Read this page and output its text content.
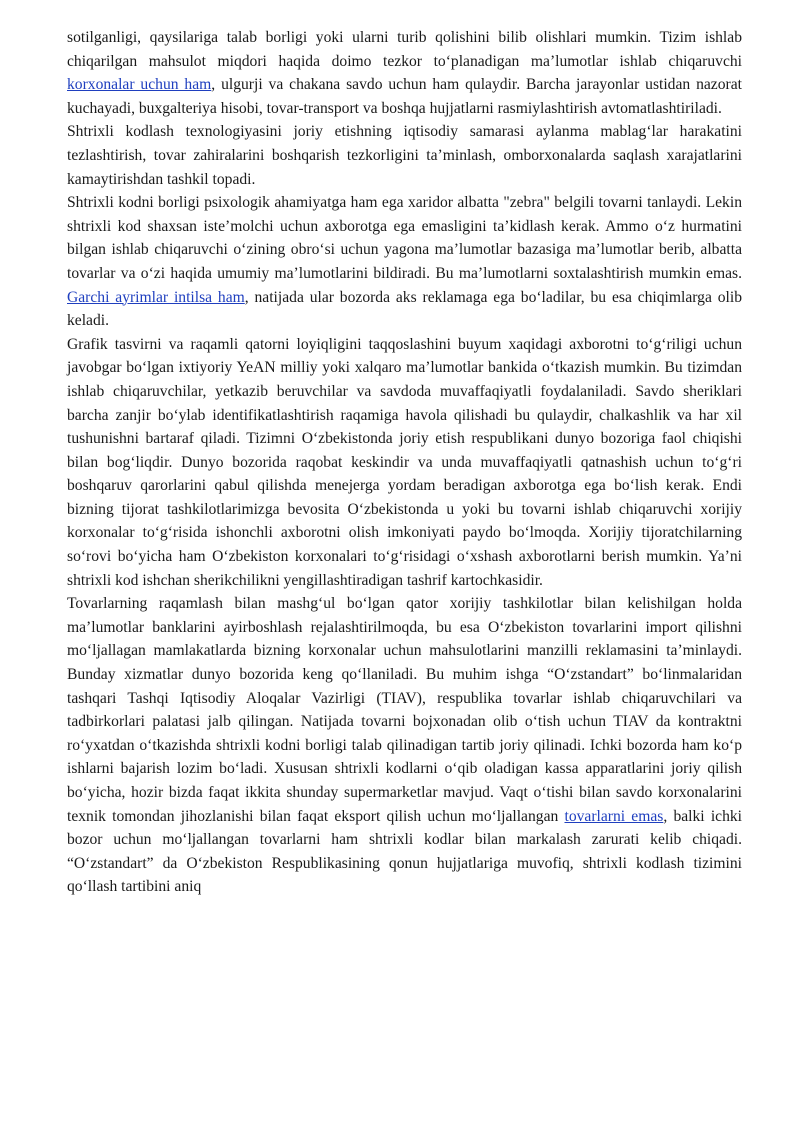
sotilganligi, qaysilariga talab borligi yoki ularni turib qolishini bilib olishlari mumkin. Tizim ishlab chiqarilgan mahsulot miqdori haqida doimo tezkor to‘planadigan ma’lumotlar ishlab chiqaruvchi korxonalar uchun ham, ulgurji va chakana savdo uchun ham qulaydir. Barcha jarayonlar ustidan nazorat kuchayadi, buxgalteriya hisobi, tovar-transport va boshqa hujjatlarni rasmiylashtirish avtomatlashtiriladi.

Shtrixli kodlash texnologiyasini joriy etishning iqtisodiy samarasi aylanma mablag‘lar harakatini tezlashtirish, tovar zahiralarini boshqarish tezkorligini ta’minlash, omborxonalarda saqlash xarajatlarini kamaytirishdan tashkil topadi.

Shtrixli kodni borligi psixologik ahamiyatga ham ega xaridor albatta "zebra" belgili tovarni tanlaydi. Lekin shtrixli kod shaxsan iste’molchi uchun axborotga ega emasligini ta’kidlash kerak. Ammo o‘z hurmatini bilgan ishlab chiqaruvchi o‘zining obro‘si uchun yagona ma’lumotlar bazasiga ma’lumotlar berib, albatta tovarlar va o‘zi haqida umumiy ma’lumotlarini bildiradi. Bu ma’lumotlarni soxtalashtirish mumkin emas. Garchi ayrimlar intilsa ham, natijada ular bozorda aks reklamaga ega bo‘ladilar, bu esa chiqimlarga olib keladi.

Grafik tasvirni va raqamli qatorni loyiqligini taqqoslashini buyum xaqidagi axborotni to‘g‘riligi uchun javobgar bo‘lgan ixtiyoriy YeAN milliy yoki xalqaro ma’lumotlar bankida o‘tkazish mumkin. Bu tizimdan ishlab chiqaruvchilar, yetkazib beruvchilar va savdoda muvaffaqiyatli foydalaniladi. Savdo sheriklari barcha zanjir bo‘ylab identifikatlashtirish raqamiga havola qilishadi bu qulaydir, chalkashlik va har xil tushunishni bartaraf qiladi. Tizimni O‘zbekistonda joriy etish respublikani dunyo bozoriga faol chiqishi bilan bog‘liqdir. Dunyo bozorida raqobat keskindir va unda muvaffaqiyatli qatnashish uchun to‘g‘ri boshqaruv qarorlarini qabul qilishda menejerga yordam beradigan axborotga ega bo‘lish kerak. Endi bizning tijorat tashkilotlarimizga bevosita O‘zbekistonda u yoki bu tovarni ishlab chiqaruvchi xorijiy korxonalar to‘g‘risida ishonchli axborotni olish imkoniyati paydo bo‘lmoqda. Xorijiy tijoratchilarning so‘rovi bo‘yicha ham O‘zbekiston korxonalari to‘g‘risidagi o‘xshash axborotlarni berish mumkin. Ya’ni shtrixli kod ishchan sherikchilikni yengillashtiradigan tashrif kartochkasidir.

Tovarlarning raqamlash bilan mashg‘ul bo‘lgan qator xorijiy tashkilotlar bilan kelishilgan holda ma’lumotlar banklarini ayirboshlash rejalashtirilmoqda, bu esa O‘zbekiston tovarlarini import qilishni mo‘ljallagan mamlakatlarda bizning korxonalar uchun mahsulotlarini manzilli reklamasini ta’minlaydi. Bunday xizmatlar dunyo bozorida keng qo‘llaniladi. Bu muhim ishga “O‘zstandart” bo‘linmalaridan tashqari Tashqi Iqtisodiy Aloqalar Vazirligi (TIAV), respublika tovarlar ishlab chiqaruvchilari va tadbirkorlari palatasi jalb qilingan. Natijada tovarni bojxonadan olib o‘tish uchun TIAV da kontraktni ro‘yxatdan o‘tkazishda shtrixli kodni borligi talab qilinadigan tartib joriy qilinadi. Ichki bozorda ham ko‘p ishlarni bajarish lozim bo‘ladi. Xususan shtrixli kodlarni o‘qib oladigan kassa apparatlarini joriy qilish bo‘yicha, hozir bizda faqat ikkita shunday supermarketlar mavjud. Vaqt o‘tishi bilan savdo korxonalarini texnik tomondan jihozlanishi bilan faqat eksport qilish uchun mo‘ljallangan tovarlarni emas, balki ichki bozor uchun mo‘ljallangan tovarlarni ham shtrixli kodlar bilan markalash zarurati kelib chiqadi. “O‘zstandart” da O‘zbekiston Respublikasining qonun hujjatlariga muvofiq, shtrixli kodlash tizimini qo‘llash tartibini aniq
